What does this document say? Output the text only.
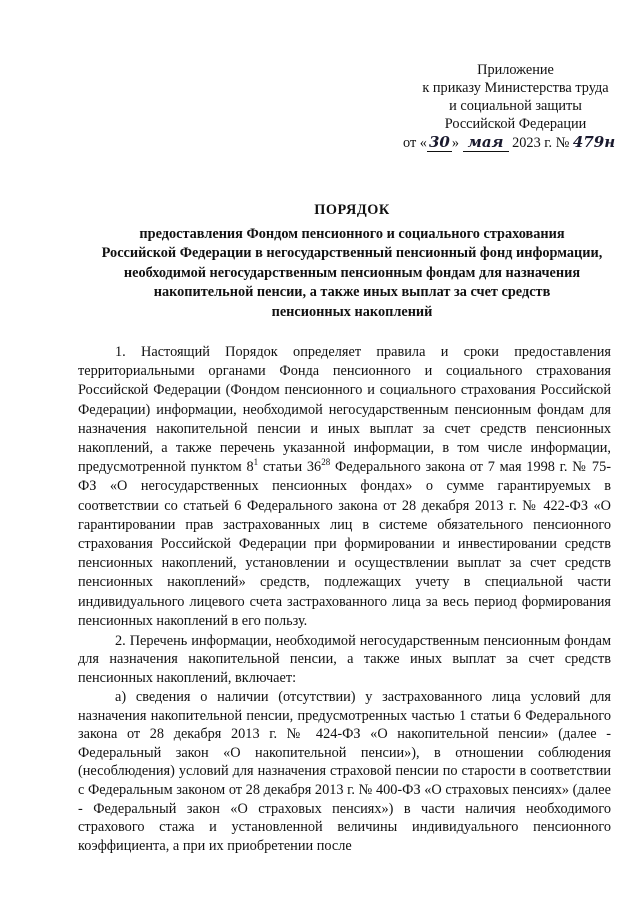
Приложение
к приказу Министерства труда
и социальной защиты
Российской Федерации
от « 30 » мая 2023 г. № 479н
ПОРЯДОК
предоставления Фондом пенсионного и социального страхования
Российской Федерации в негосударственный пенсионный фонд информации,
необходимой негосударственным пенсионным фондам для назначения
накопительной пенсии, а также иных выплат за счет средств
пенсионных накоплений

1. Настоящий Порядок определяет правила и сроки предоставления территориальными органами Фонда пенсионного и социального страхования Российской Федерации (Фондом пенсионного и социального страхования Российской Федерации) информации, необходимой негосударственным пенсионным фондам для назначения накопительной пенсии и иных выплат за счет средств пенсионных накоплений, а также перечень указанной информации, в том числе информации, предусмотренной пунктом $8^1$ статьи $36^{28}$ Федерального закона от 7 мая 1998 г. № 75-ФЗ «О негосударственных пенсионных фондах» о сумме гарантируемых в соответствии со статьей 6 Федерального закона от 28 декабря 2013 г. № 422-ФЗ «О гарантировании прав застрахованных лиц в системе обязательного пенсионного страхования Российской Федерации при формировании и инвестировании средств пенсионных накоплений, установлении и осуществлении выплат за счет средств пенсионных накоплений» средств, подлежащих учету в специальной части индивидуального лицевого счета застрахованного лица за весь период формирования пенсионных накоплений в его пользу.

2. Перечень информации, необходимой негосударственным пенсионным фондам для назначения накопительной пенсии, а также иных выплат за счет средств пенсионных накоплений, включает:

а) сведения о наличии (отсутствии) у застрахованного лица условий для назначения накопительной пенсии, предусмотренных частью 1 статьи 6 Федерального закона от 28 декабря 2013 г. № 424-ФЗ «О накопительной пенсии» (далее - Федеральный закон «О накопительной пенсии»), в отношении соблюдения (несоблюдения) условий для назначения страховой пенсии по старости в соответствии с Федеральным законом от 28 декабря 2013 г. № 400-ФЗ «О страховых пенсиях» (далее - Федеральный закон «О страховых пенсиях») в части наличия необходимого страхового стажа и установленной величины индивидуального пенсионного коэффициента, а при их приобретении после
